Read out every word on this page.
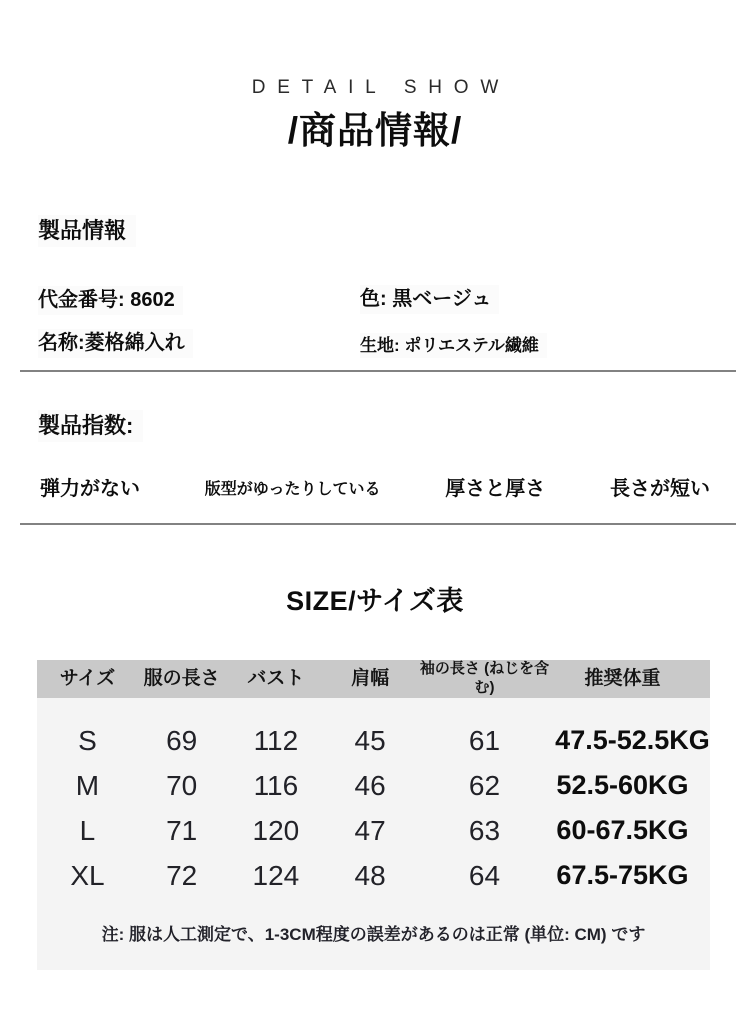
DETAIL SHOW
/商品情報/
製品情報
代金番号: 8602	色: 黒ベージュ
名称:菱格綿入れ	生地: ポリエステル繊維
製品指数:
弾力がない	版型がゆったりしている	厚さと厚さ	長さが短い
SIZE/サイズ表
サイズ	服の長さ	バスト	肩幅	袖の長さ (ねじを含む)	推奨体重
S	69	112	45	61	47.5-52.5KG
M	70	116	46	62	52.5-60KG
L	71	120	47	63	60-67.5KG
XL	72	124	48	64	67.5-75KG
注: 服は人工測定で、1-3CM程度の誤差があるのは正常 (単位: CM) です
